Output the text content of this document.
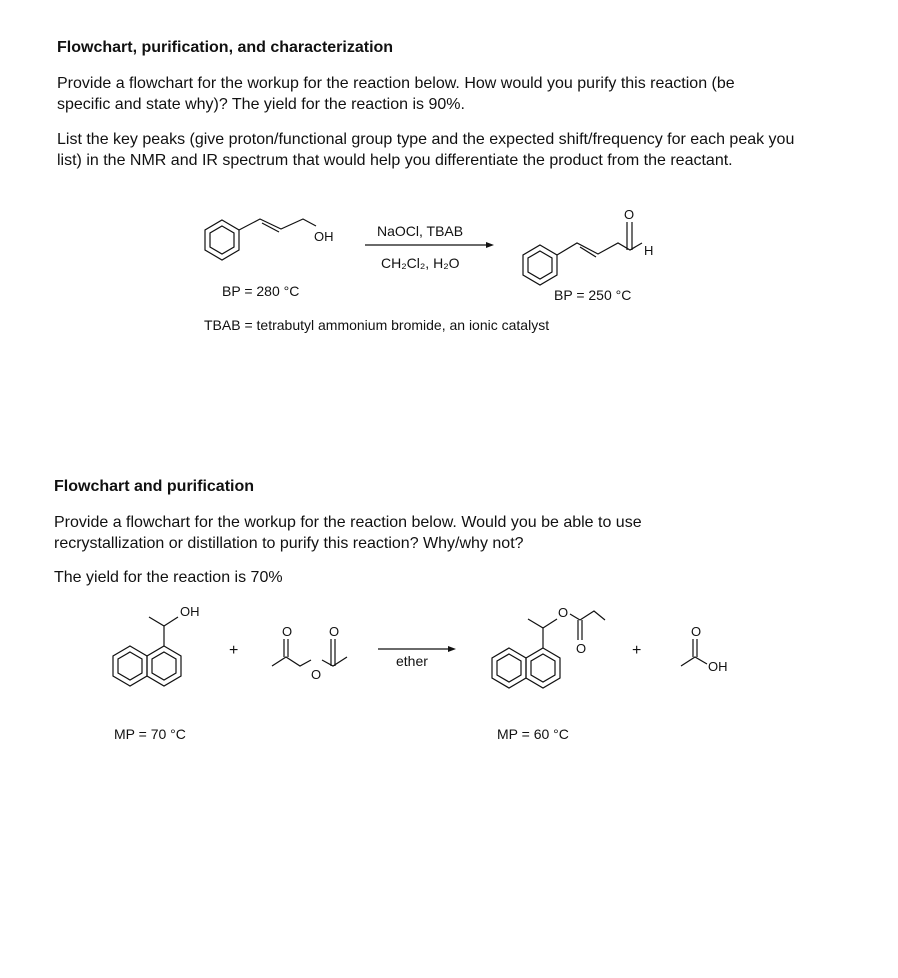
Flowchart, purification, and characterization
Provide a flowchart for the workup for the reaction below. How would you purify this reaction (be specific and state why)? The yield for the reaction is 90%.
List the key peaks (give proton/functional group type and the expected shift/frequency for each peak you list) in the NMR and IR spectrum that would help you differentiate the product from the reactant.
OH	NaOCl, TBAB
CH₂Cl₂, H₂O
O
H
BP = 280 °C	BP = 250 °C
TBAB = tetrabutyl ammonium bromide, an ionic catalyst
Flowchart and purification
Provide a flowchart for the workup for the reaction below. Would you be able to use recrystallization or distillation to purify this reaction? Why/why not?
The yield for the reaction is 70%
OH
+
O	O
O
ether
O
O	+
O
OH
MP = 70 °C	MP = 60 °C
